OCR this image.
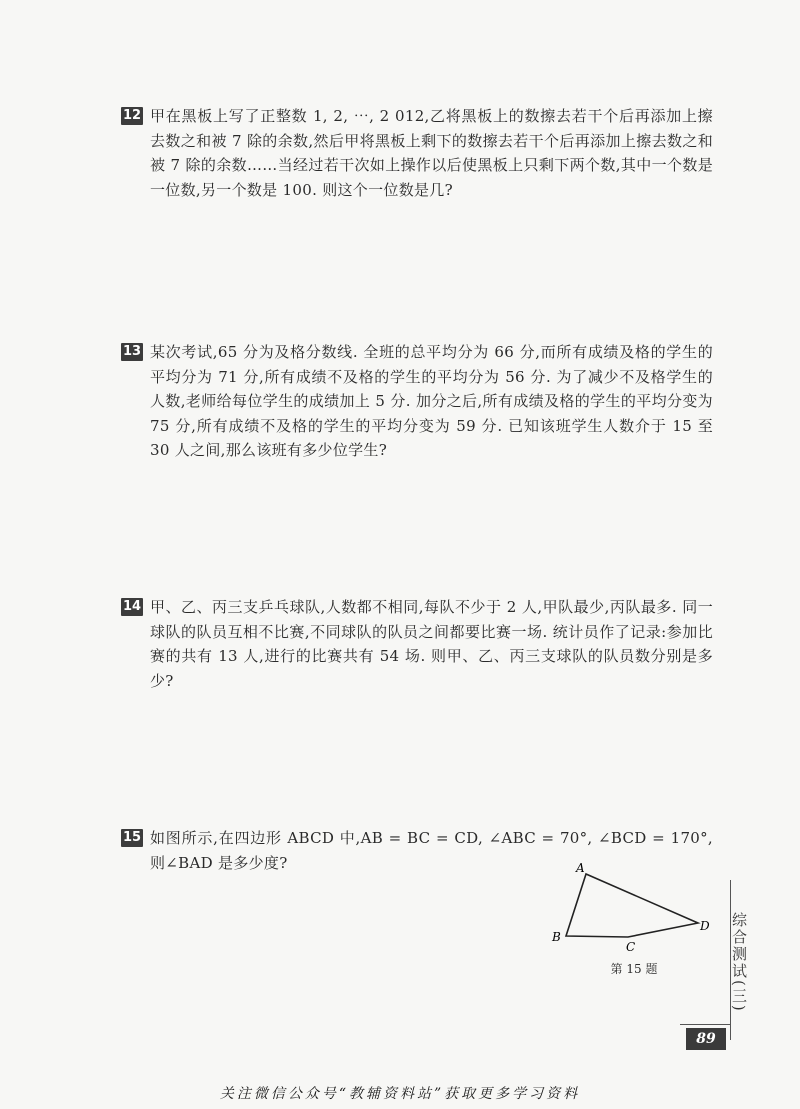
12 甲在黑板上写了正整数 1, 2, ⋯, 2 012,乙将黑板上的数擦去若干个后再添加上擦去数之和被 7 除的余数,然后甲将黑板上剩下的数擦去若干个后再添加上擦去数之和被 7 除的余数……当经过若干次如上操作以后使黑板上只剩下两个数,其中一个数是一位数,另一个数是 100. 则这个一位数是几?
13 某次考试,65 分为及格分数线. 全班的总平均分为 66 分,而所有成绩及格的学生的平均分为 71 分,所有成绩不及格的学生的平均分为 56 分. 为了减少不及格学生的人数,老师给每位学生的成绩加上 5 分. 加分之后,所有成绩及格的学生的平均分变为 75 分,所有成绩不及格的学生的平均分变为 59 分. 已知该班学生人数介于 15 至 30 人之间,那么该班有多少位学生?
14 甲、乙、丙三支乒乓球队,人数都不相同,每队不少于 2 人,甲队最少,丙队最多. 同一球队的队员互相不比赛,不同球队的队员之间都要比赛一场. 统计员作了记录:参加比赛的共有 13 人,进行的比赛共有 54 场. 则甲、乙、丙三支球队的队员数分别是多少?
15 如图所示,在四边形 ABCD 中,AB = BC = CD, ∠ABC = 70°, ∠BCD = 170°,则∠BAD 是多少度?	A
B
C
D
第 15 题	综合测试(三)
89
关注微信公众号“教辅资料站”获取更多学习资料
